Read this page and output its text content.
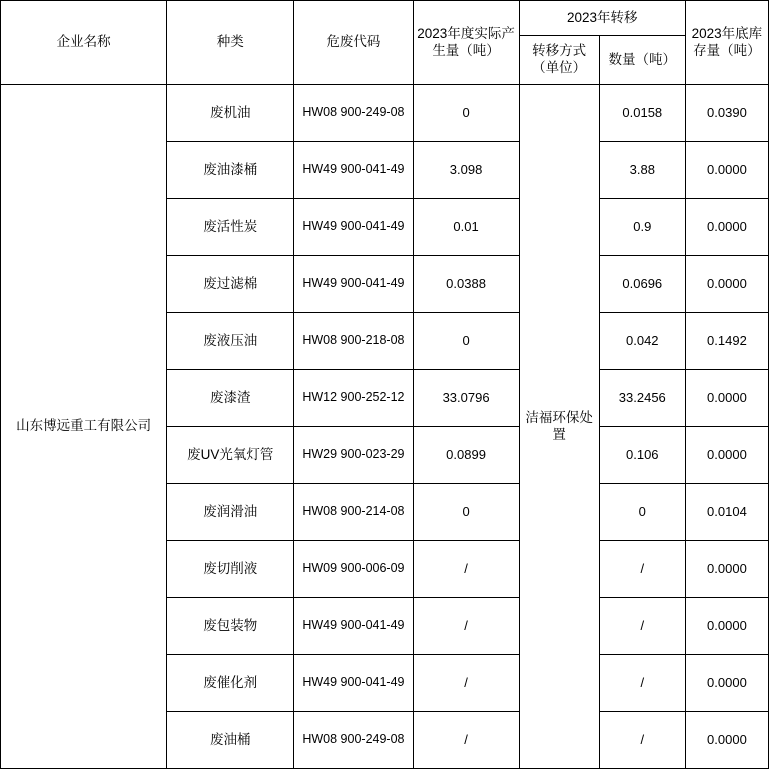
企业名称	种类	危废代码	2023年度实际产生量（吨）	2023年转移		2023年底库存量（吨）
				转移方式（单位）	数量（吨）	
山东博远重工有限公司	废机油	HW08 900-249-08	0	洁福环保处置	0.0158	0.0390
	废油漆桶	HW49 900-041-49	3.098		3.88	0.0000
	废活性炭	HW49 900-041-49	0.01		0.9	0.0000
	废过滤棉	HW49 900-041-49	0.0388		0.0696	0.0000
	废液压油	HW08 900-218-08	0		0.042	0.1492
	废漆渣	HW12 900-252-12	33.0796		33.2456	0.0000
	废UV光氧灯管	HW29 900-023-29	0.0899		0.106	0.0000
	废润滑油	HW08 900-214-08	0		0	0.0104
	废切削液	HW09 900-006-09	/		/	0.0000
	废包装物	HW49 900-041-49	/		/	0.0000
	废催化剂	HW49 900-041-49	/		/	0.0000
	废油桶	HW08 900-249-08	/		/	0.0000
